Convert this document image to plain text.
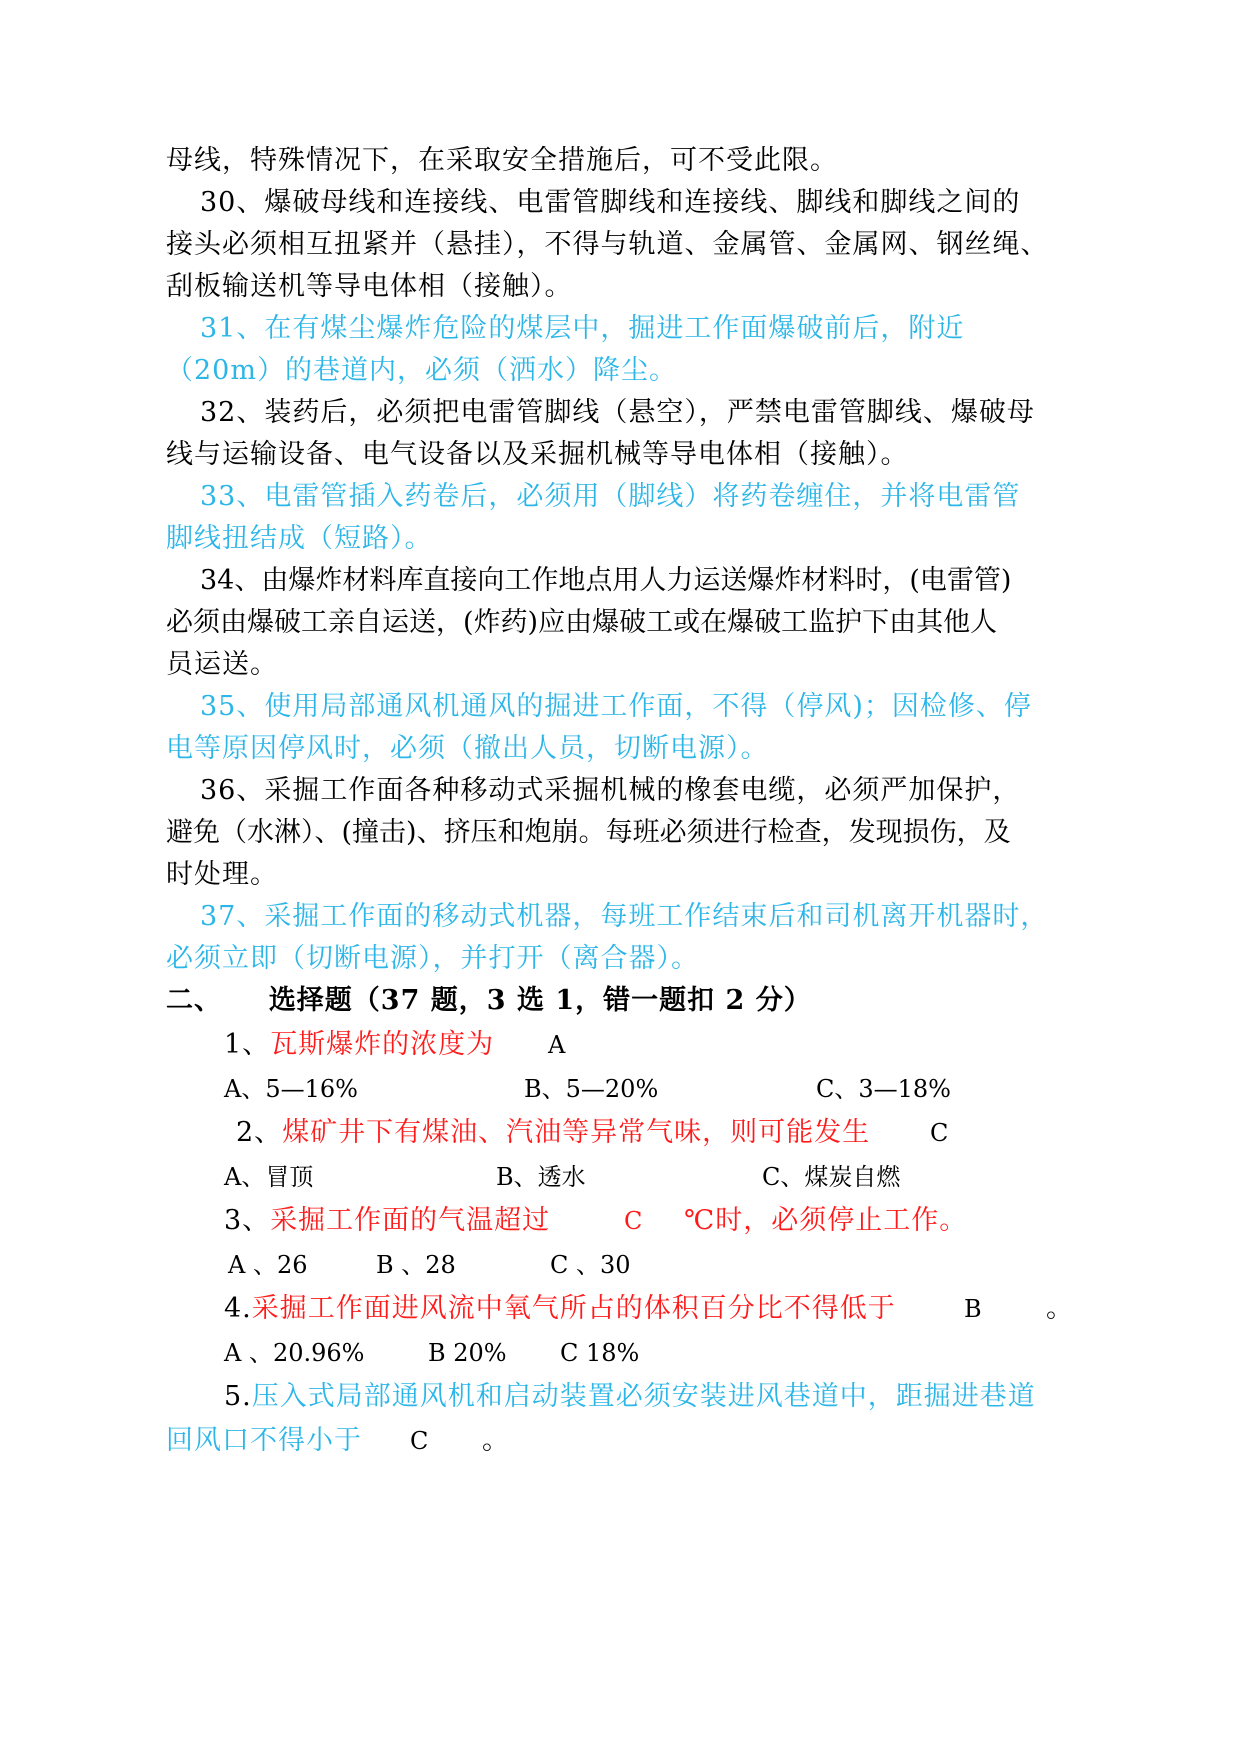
母线，特殊情况下，在采取安全措施后，可不受此限。
30、爆破母线和连接线、电雷管脚线和连接线、脚线和脚线之间的
接头必须相互扭紧并（悬挂），不得与轨道、金属管、金属网、钢丝绳、
刮板输送机等导电体相（接触）。
31、在有煤尘爆炸危险的煤层中，掘进工作面爆破前后，附近
（20m）的巷道内，必须（洒水）降尘。
32、装药后，必须把电雷管脚线（悬空），严禁电雷管脚线、爆破母
线与运输设备、电气设备以及采掘机械等导电体相（接触）。
33、电雷管插入药卷后，必须用（脚线）将药卷缠住，并将电雷管
脚线扭结成（短路）。
34、由爆炸材料库直接向工作地点用人力运送爆炸材料时，(电雷管)
必须由爆破工亲自运送，(炸药)应由爆破工或在爆破工监护下由其他人
员运送。
35、使用局部通风机通风的掘进工作面，不得（停风)；因检修、停
电等原因停风时，必须（撤出人员，切断电源）。
36、采掘工作面各种移动式采掘机械的橡套电缆，必须严加保护，
避免（水淋）、(撞击)、挤压和炮崩。每班必须进行检查，发现损伤，及
时处理。
37、采掘工作面的移动式机器，每班工作结束后和司机离开机器时，
必须立即（切断电源），并打开（离合器）。
二、 选择题（37 题，3 选 1，错一题扣 2 分）
1、瓦斯爆炸的浓度为 A
A、5—16%	B、5—20%	C、3—18%
2、煤矿井下有煤油、汽油等异常气味，则可能发生 C
A、冒顶	B、透水	C、煤炭自燃
3、采掘工作面的气温超过	C ℃时，必须停止工作。
A 、26	B 、28	C 、30
4.采掘工作面进风流中氧气所占的体积百分比不得低于	B 。
A 、20.96%	B 20% C 18%
5.压入式局部通风机和启动装置必须安装进风巷道中，距掘进巷道
回风口不得小于 C 。
